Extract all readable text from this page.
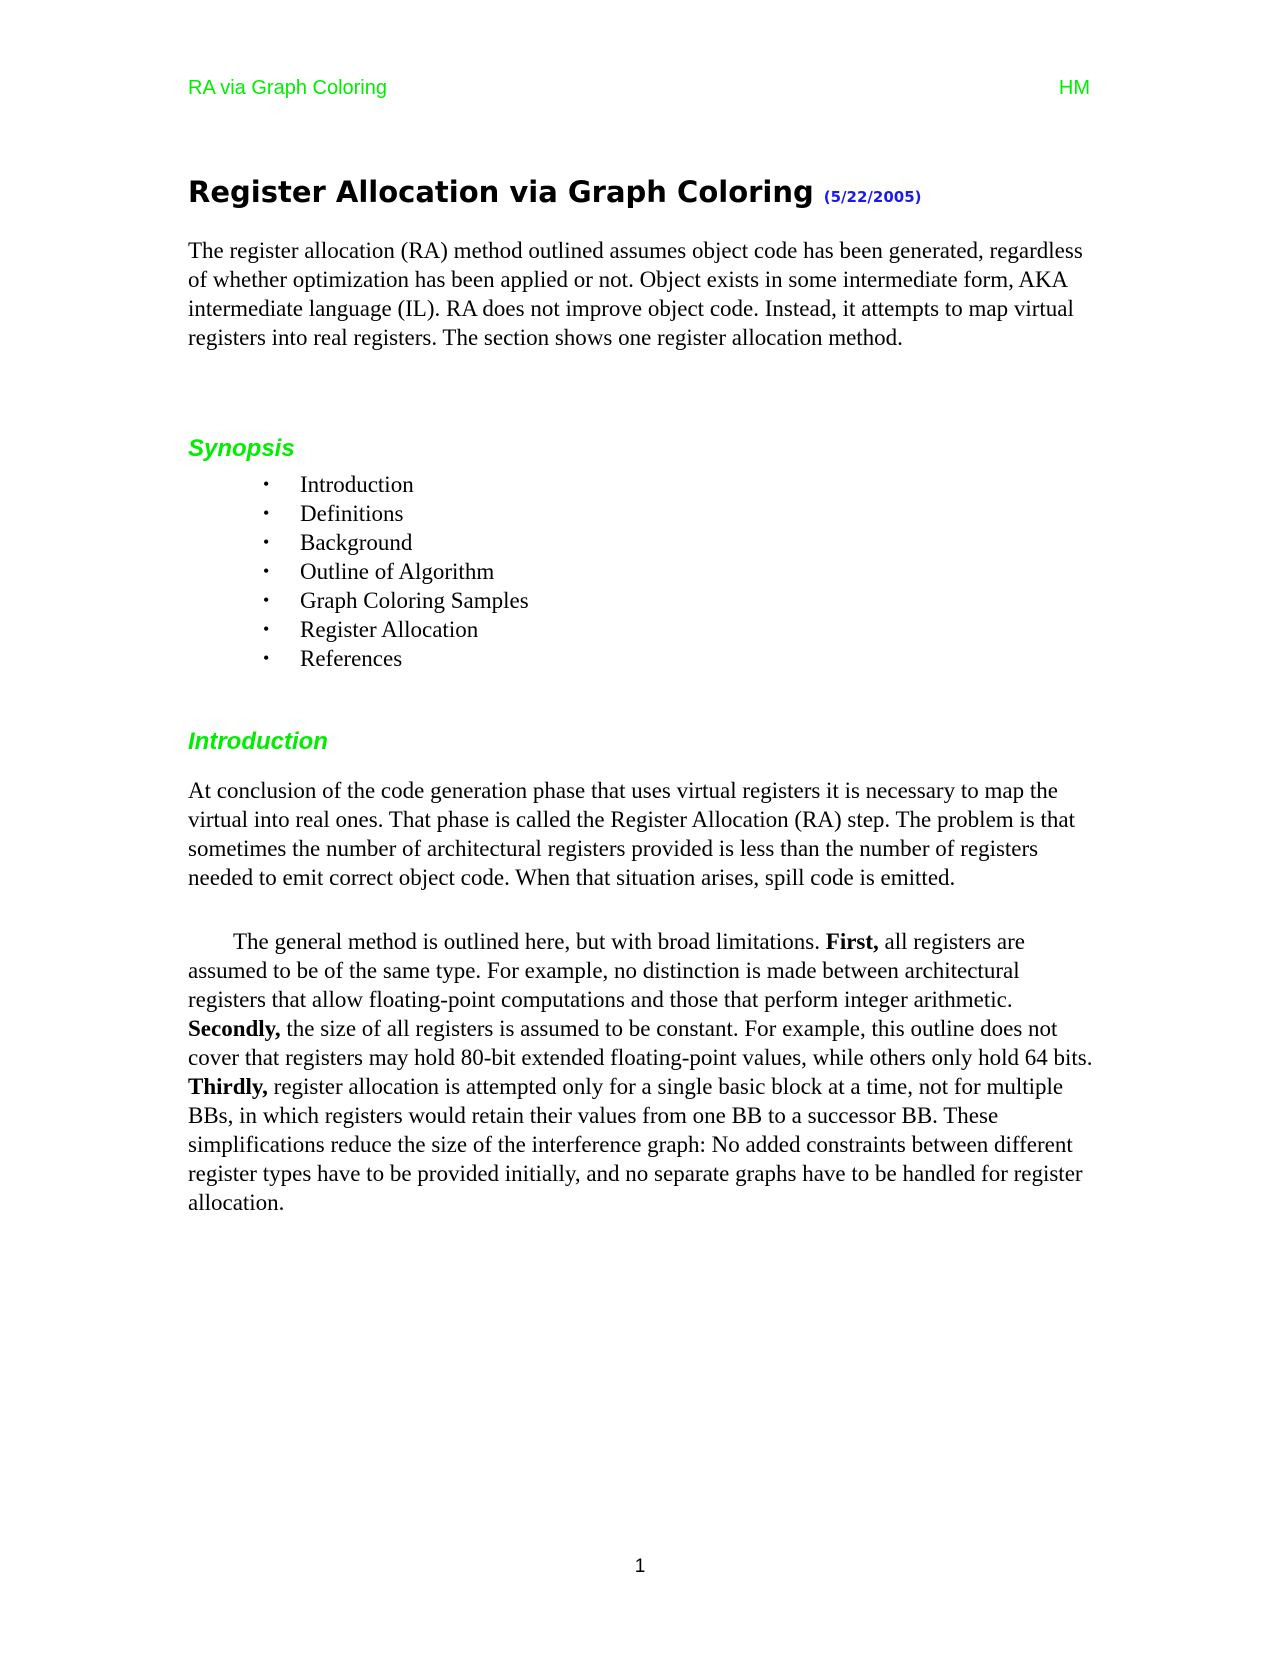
RA via Graph Coloring	HM
Register Allocation via Graph Coloring (5/22/2005)

The register allocation (RA) method outlined assumes object code has been generated, regardless of whether optimization has been applied or not. Object exists in some intermediate form, AKA intermediate language (IL). RA does not improve object code. Instead, it attempts to map virtual registers into real registers. The section shows one register allocation method.

Synopsis
• Introduction
• Definitions
• Background
• Outline of Algorithm
• Graph Coloring Samples
• Register Allocation
• References
Introduction

At conclusion of the code generation phase that uses virtual registers it is necessary to map the virtual into real ones. That phase is called the Register Allocation (RA) step. The problem is that sometimes the number of architectural registers provided is less than the number of registers needed to emit correct object code. When that situation arises, spill code is emitted.

The general method is outlined here, but with broad limitations. First, all registers are assumed to be of the same type. For example, no distinction is made between architectural registers that allow floating-point computations and those that perform integer arithmetic. Secondly, the size of all registers is assumed to be constant. For example, this outline does not cover that registers may hold 80-bit extended floating-point values, while others only hold 64 bits. Thirdly, register allocation is attempted only for a single basic block at a time, not for multiple BBs, in which registers would retain their values from one BB to a successor BB. These simplifications reduce the size of the interference graph: No added constraints between different register types have to be provided initially, and no separate graphs have to be handled for register allocation.

1
